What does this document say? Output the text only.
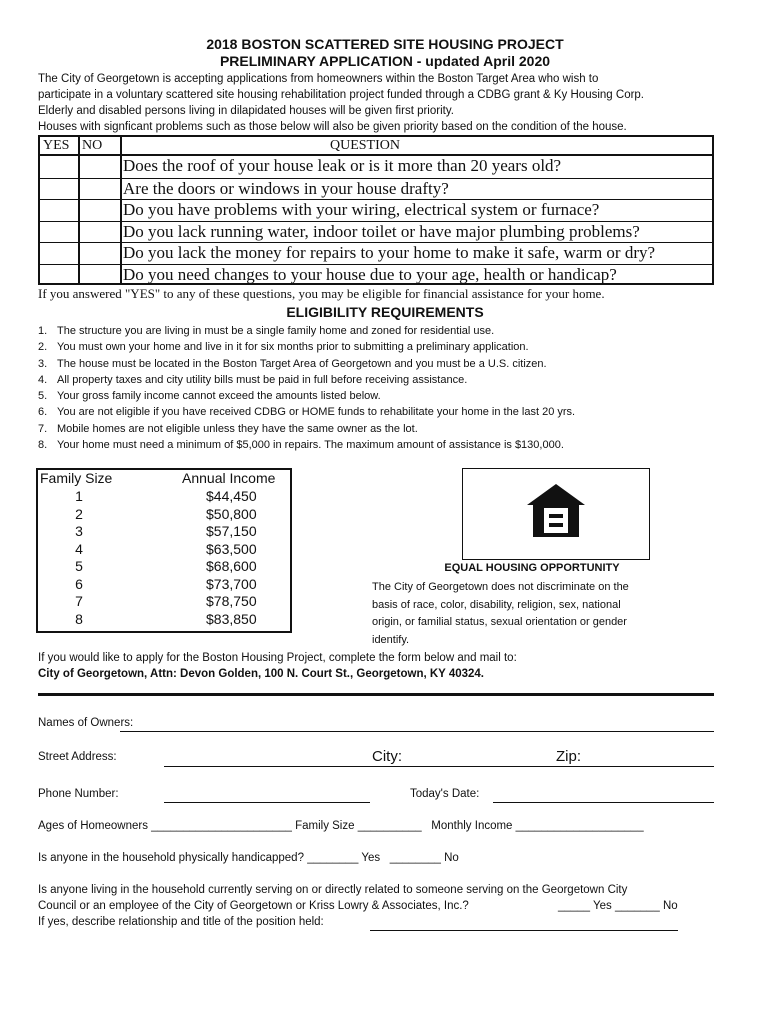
2018 BOSTON SCATTERED SITE HOUSING PROJECT
PRELIMINARY APPLICATION - updated April 2020
The City of Georgetown is accepting applications from homeowners within the Boston Target Area who wish to
participate in a voluntary scattered site housing rehabilitation project funded through a CDBG grant & Ky Housing Corp.
Elderly and disabled persons living in dilapidated houses will be given first priority.
Houses with signficant problems such as those below will also be given priority based on the condition of the house.
YES NO	QUESTION
Does the roof of your house leak or is it more than 20 years old?
Are the doors or windows in your house drafty?
Do you have problems with your wiring, electrical system or furnace?
Do you lack running water, indoor toilet or have major plumbing problems?
Do you lack the money for repairs to your home to make it safe, warm or dry?
Do you need changes to your house due to your age, health or handicap?
If you answered "YES" to any of these questions, you may be eligible for financial assistance for your home.
ELIGIBILITY REQUIREMENTS
1. The structure you are living in must be a single family home and zoned for residential use.
2. You must own your home and live in it for six months prior to submitting a preliminary application.
3. The house must be located in the Boston Target Area of Georgetown and you must be a U.S. citizen.
4. All property taxes and city utility bills must be paid in full before receiving assistance.
5. Your gross family income cannot exceed the amounts listed below.
6. You are not eligible if you have received CDBG or HOME funds to rehabilitate your home in the last 20 yrs.
7. Mobile homes are not eligible unless they have the same owner as the lot.
8. Your home must need a minimum of $5,000 in repairs. The maximum amount of assistance is $130,000.
Family Size	Annual Income
1	$44,450
2	$50,800
3	$57,150
4	$63,500
5	$68,600
6	$73,700
7	$78,750
8	$83,850
EQUAL HOUSING OPPORTUNITY
The City of Georgetown does not discriminate on the
basis of race, color, disability, religion, sex, national
origin, or familial status, sexual orientation or gender
identify.
If you would like to apply for the Boston Housing Project, complete the form below and mail to:
City of Georgetown, Attn: Devon Golden, 100 N. Court St., Georgetown, KY 40324.
Names of Owners:
Street Address:	City:	Zip:
Phone Number:	Today's Date:
Ages of Homeowners ______________________ Family Size __________ Monthly Income ____________________
Is anyone in the household physically handicapped? ________ Yes ________ No
Is anyone living in the household currently serving on or directly related to someone serving on the Georgetown City
Council or an employee of the City of Georgetown or Kriss Lowry & Associates, Inc.?	_____ Yes _______ No
If yes, describe relationship and title of the position held:
